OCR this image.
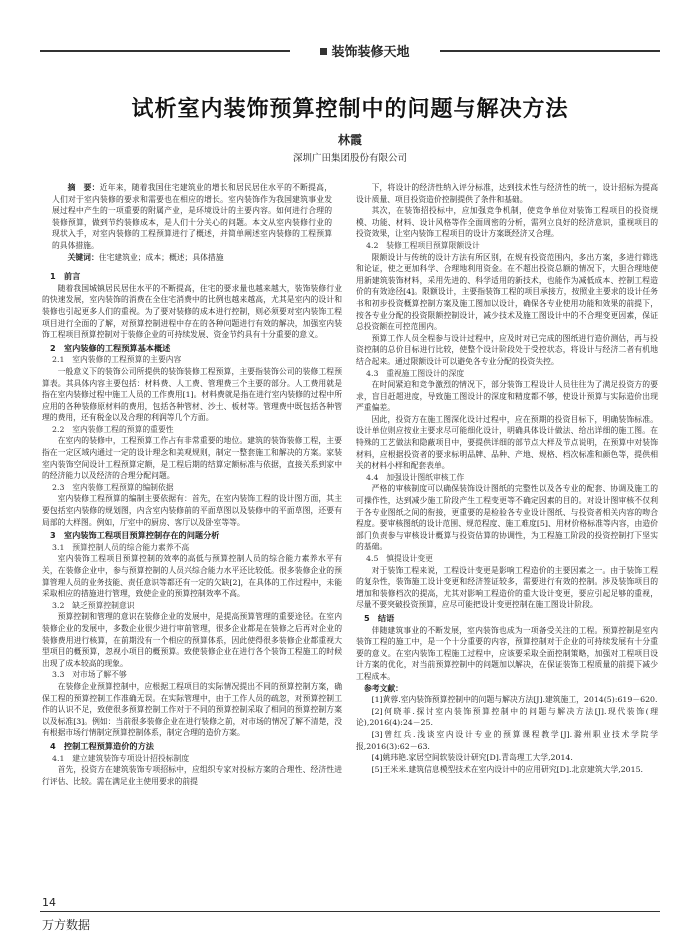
装饰装修天地
试析室内装饰预算控制中的问题与解决方法
林霞
深圳广田集团股份有限公司

摘　要：近年来，随着我国住宅建筑业的增长和居民居住水平的不断提高，人们对于室内装修的要求和需要也在相应的增长。室内装饰作为我国建筑事业发展过程中产生的一项重要的附属产业，是环境设计的主要内容。如何进行合理的装修预算，做到节约装修成本，是人们十分关心的问题。本文从室内装修行业的现状入手，对室内装修的工程预算进行了概述，并简单阐述室内装修的工程预算的具体措施。

关键词：住宅建筑业；成本；概述；具体措施
1　前言

随着我国城镇居民居住水平的不断提高，住宅的要求量也越来越大，装饰装修行业的快速发展，室内装饰的消费在全住宅消费中的比例也越来越高，尤其是室内的设计和装修也引起更多人们的重视。为了要对装修的成本进行控制，则必须要对室内装饰工程项目进行全面的了解，对预算控制进程中存在的各种问题进行有效的解决，加强室内装饰工程项目预算控制对于装修企业的可持续发展、资金节约具有十分重要的意义。

2　室内装修的工程预算基本概述
2.1　室内装修的工程预算的主要内容

一般意义下的装饰公司所提供的装饰装修工程预算，主要指装饰公司的装修工程预算表。其具体内容主要包括：材料费、人工费、管理费三个主要的部分。人工费用就是指在室内装修过程中施工人员的工作费用[1]。材料费就是指在进行室内装修的过程中所应用的各种装修原材料的费用，包括各种管材、沙土、板材等。管理费中既包括各种管理的费用，还有税金以及合理的利润等几个方面。

2.2　室内装修工程的预算的重要性

在室内的装修中，工程预算工作占有非常重要的地位。建筑的装饰装修工程，主要指在一定区域内通过一定的设计理念和美观规则，制定一整套施工和解决的方案。家装室内装饰空间设计工程预算定额，是工程后期的结算定额标准与依据，直接关系到家中的经济能力以及经济的合理分配问题。

2.3　室内装修工程预算的编制依据

室内装修工程预算的编制主要依据有：首先，在室内装饰工程的设计图方面，其主要包括室内装修的规划图，内含室内装修前的平面草图以及装修中的平面草图，还要有局部的大样图。例如，厅室中的厨房、客厅以及卧室等等。

3　室内装饰工程项目预算控制存在的问题分析
3.1　预算控制人员的综合能力素养不高

室内装饰工程项目预算控制的效率的高低与预算控制人员的综合能力素养水平有关，在装修企业中，参与预算控制的人员兴综合能力水平还比较低。很多装修企业的预算管理人员的业务技能、责任意识等都还有一定的欠缺[2]，在具体的工作过程中，未能采取相应的措施进行管理，致使企业的预算控制效率不高。

3.2　缺乏预算控制意识

预算控制和管理的意识在装修企业的发展中，是提高预算管理的重要途径。在室内装修企业的发展中，多数企业很少进行审前管理，很多企业都是在装修之后再对企业的装修费用进行核算，在前期没有一个相应的预算体系，因此使得很多装修企业都重视大型项目的概预算，忽视小项目的概预算。致使装修企业在进行各个装饰工程施工的时候出现了成本较高的现象。

3.3　对市场了解不够

在装修企业预算控制中，应根据工程项目的实际情况提出不同的预算控制方案，确保工程的预算控制工作准确无误。在实际管理中，由于工作人员的疏忽，对预算控制工作的认识不足，致使很多预算控制工作对于不同的预算控制采取了相同的预算控制方案以及标准[3]。例如：当前很多装修企业在进行装修之前，对市场的情况了解不清楚，没有根据市场行情制定预算控制体系，制定合理的造价方案。

4　控制工程预算造价的方法
4.1　建立建筑装饰专项设计招投标制度

首先，投资方在建筑装饰专项招标中，应组织专家对投标方案的合理性、经济性进行评估、比较。需在满足业主使用要求的前提

下，将设计的经济性纳入评分标准，达到技术性与经济性的统一，设计招标为提高设计质量、项目投资造价控制提供了条件和基础。

其次，在装饰招投标中，应加强竞争机制，使竞争单位对装饰工程项目的投资规模、功能、材料、设计风格等作全面周密的分析，需列立良好的经济意识，重视项目的投资效果，让室内装饰工程项目的设计方案既经济又合理。

4.2　装修工程项目预算限额设计

限额设计与传统的设计方法有所区别，在规有投资范围内，多出方案，多进行筛选和论证，使之更加科学、合理地利用资金。在不超出投资总额的情况下，大胆合理地使用新建筑装饰材料，采用先进的、科学适用的新技术，也能作为减低成本、控制工程造价的有效途径[4]。限额设计，主要指装饰工程的项目承接方，按照业主要求的设计任务书和初步投资概算控制方案及施工图加以设计，确保各专业使用功能和效果的前提下，按各专业分配的投资限额控制设计，减少技术及施工图设计中的不合理变更因素，保证总投资额在可控范围内。

预算工作人员全程参与设计过程中，应及时对已完成的图纸进行造价测估，再与投资控制的总价目标进行比较，使整个设计阶段处于受控状态，将设计与经济二者有机地结合起来。通过限额设计可以避免各专业分配的投资失控。

4.3　重视施工图设计的深度

在时间紧迫和竞争激烈的情况下，部分装饰工程设计人员往往为了满足投资方的要求，盲目赶超进度，导致施工图设计的深度和精度都不够，使设计预算与实际造价出现严重偏差。

因此，投资方在施工图深化设计过程中，应在预期的投资目标下，明确装饰标准。设计单位则应按业主要求尽可能细化设计，明确具体设计做法、给出详细的施工图。在特殊的工艺做法和隐蔽项目中，要提供详细的部节点大样及节点说明，在预算中对装饰材料，应根据投资者的要求标明品牌、品种、产地、规格、档次标准和颜色等，提供相关的材料小样和配套表单。

4.4　加强设计图纸审核工作

严格的审核制度可以确保装饰设计图纸的完整性以及各专业的配套、协调及施工的可操作性，达到减少施工阶段产生工程变更等不确定因素的目的。对设计图审核不仅利于各专业图纸之间的衔接，更重要的是检验各专业设计图纸、与投资者相关内容的吻合程度。要审核图纸的设计范围、规范程度、施工难度[5]、用材价格标准等内容，由造价部门负责参与审核设计概算与投资估算的协调性，为工程施工阶段的投资控制打下坚实的基础。

4.5　慎提设计变更

对于装饰工程来说，工程设计变更是影响工程造价的主要因素之一。由于装饰工程的复杂性，装饰施工设计变更和经济签证较多，需要进行有效的控制。涉及装饰项目的增加和装修档次的提高，尤其对影响工程造价的重大设计变更，要应引起足够的重视，尽量不要突破投资预算，应尽可能把设计变更控制在施工图设计阶段。

5　结语

伴随建筑事业的不断发展，室内装饰也成为一项备受关注的工程。预算控制是室内装饰工程的施工中，是一个十分重要的内容，预算控制对于企业的可持续发展有十分重要的意义。在室内装饰工程施工过程中，应该要采取全面控制策略，加强对工程项目设计方案的优化，对当前预算控制中的问题加以解决，在保证装饰工程质量的前提下减少工程成本。

参考文献：

[1]黄蓉.室内装饰预算控制中的问题与解决方法[J].建筑施工，2014(5):619－620.

[2]何晓菲.探讨室内装饰预算控制中的问题与解决方法[J].现代装饰(理论),2016(4):24－25.

[3]曾红兵.浅谈室内设计专业的预算课程教学[J].滁州职业技术学院学报,2016(3):62－63.

[4]姚玮艳.家居空间软装设计研究[D].青岛理工大学,2014.

[5]王米米.建筑信息模型技术在室内设计中的应用研究[D].北京建筑大学,2015.

14
万方数据
